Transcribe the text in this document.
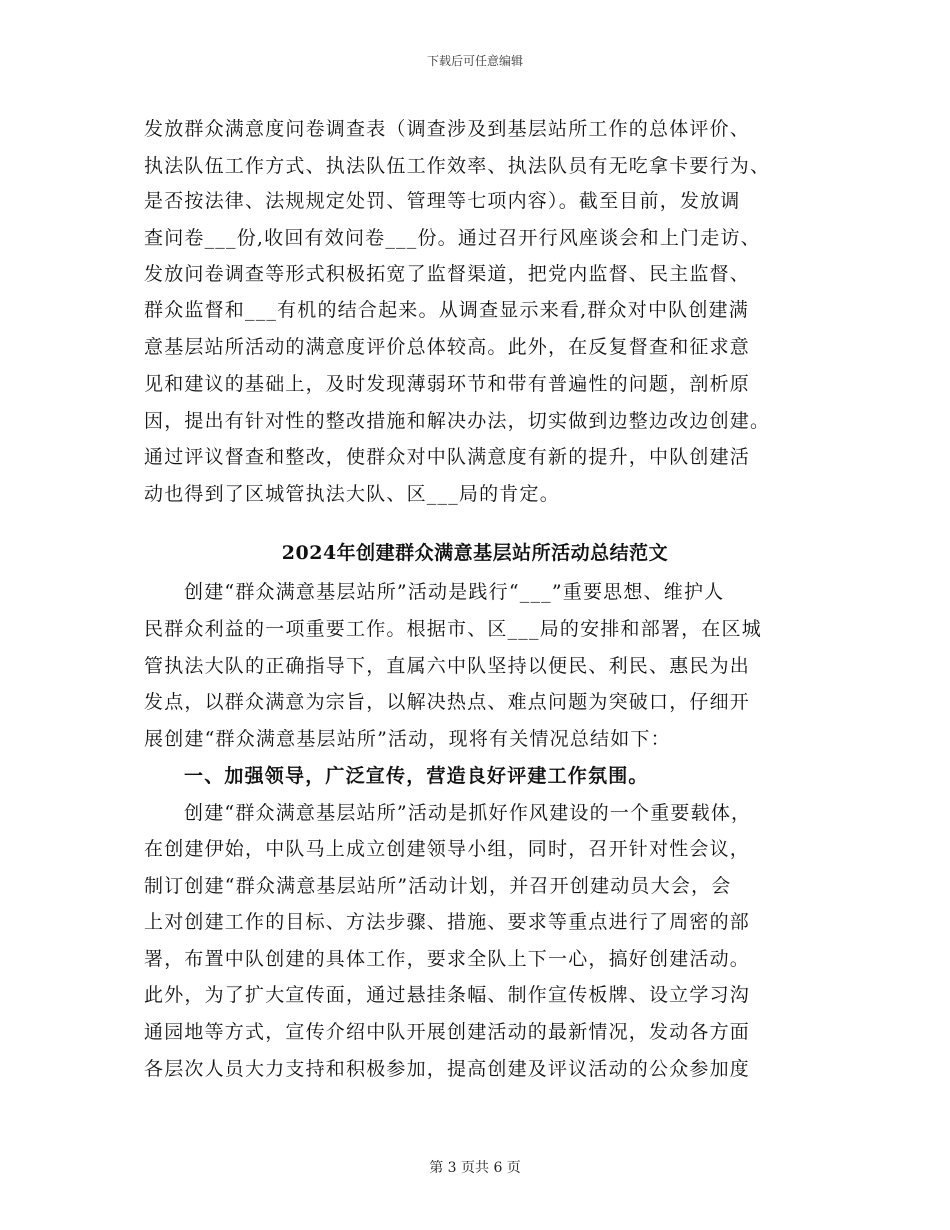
下载后可任意编辑
发放群众满意度问卷调查表（调查涉及到基层站所工作的总体评价、
执法队伍工作方式、执法队伍工作效率、执法队员有无吃拿卡要行为、
是否按法律、法规规定处罚、管理等七项内容）。截至目前，发放调
查问卷___份,收回有效问卷___份。通过召开行风座谈会和上门走访、
发放问卷调查等形式积极拓宽了监督渠道，把党内监督、民主监督、
群众监督和___有机的结合起来。从调查显示来看,群众对中队创建满
意基层站所活动的满意度评价总体较高。此外，在反复督查和征求意
见和建议的基础上，及时发现薄弱环节和带有普遍性的问题，剖析原
因，提出有针对性的整改措施和解决办法，切实做到边整边改边创建。
通过评议督查和整改，使群众对中队满意度有新的提升，中队创建活
动也得到了区城管执法大队、区___局的肯定。
2024年创建群众满意基层站所活动总结范文
创建“群众满意基层站所”活动是践行“___”重要思想、维护人
民群众利益的一项重要工作。根据市、区___局的安排和部署，在区城
管执法大队的正确指导下，直属六中队坚持以便民、利民、惠民为出
发点，以群众满意为宗旨，以解决热点、难点问题为突破口，仔细开
展创建“群众满意基层站所”活动，现将有关情况总结如下：
一、加强领导，广泛宣传，营造良好评建工作氛围。
创建“群众满意基层站所”活动是抓好作风建设的一个重要载体，
在创建伊始，中队马上成立创建领导小组，同时，召开针对性会议，
制订创建“群众满意基层站所”活动计划，并召开创建动员大会，会
上对创建工作的目标、方法步骤、措施、要求等重点进行了周密的部
署，布置中队创建的具体工作，要求全队上下一心，搞好创建活动。
此外，为了扩大宣传面，通过悬挂条幅、制作宣传板牌、设立学习沟
通园地等方式，宣传介绍中队开展创建活动的最新情况，发动各方面
各层次人员大力支持和积极参加，提高创建及评议活动的公众参加度
第 3 页共 6 页
